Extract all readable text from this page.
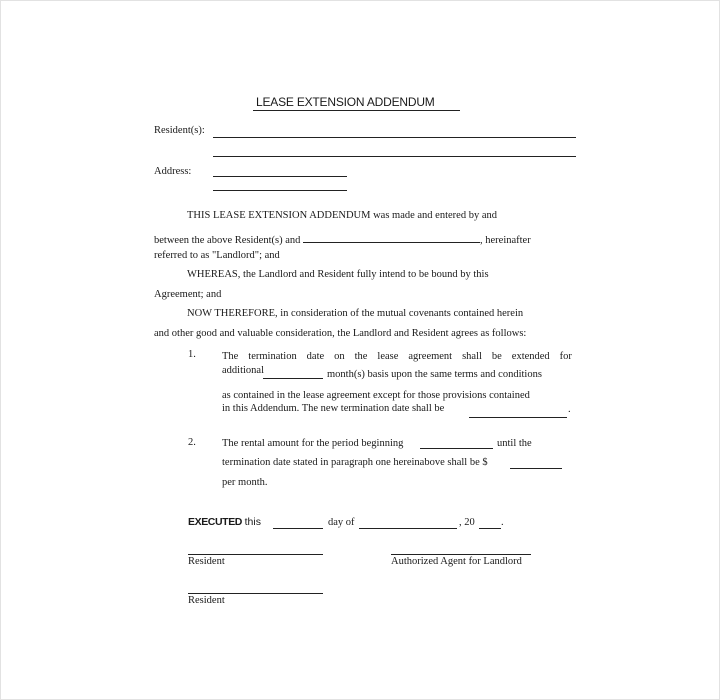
LEASE EXTENSION ADDENDUM
Resident(s):
Address:
THIS LEASE EXTENSION ADDENDUM was made and entered by and
between the above Resident(s) and	, hereinafter
referred to as "Landlord"; and
WHEREAS, the Landlord and Resident fully intend to be bound by this
Agreement; and
NOW THEREFORE, in consideration of the mutual covenants contained herein
and other good and valuable consideration, the Landlord and Resident agrees as follows:
1. The termination date on the lease agreement shall be extended for
additional	month(s) basis upon the same terms and conditions
as contained in the lease agreement except for those provisions contained
in this Addendum. The new termination date shall be	.
2. The rental amount for the period beginning	until the
termination date stated in paragraph one hereinabove shall be $
per month.
EXECUTED this	day of	, 20	.
Resident	Authorized Agent for Landlord
Resident
